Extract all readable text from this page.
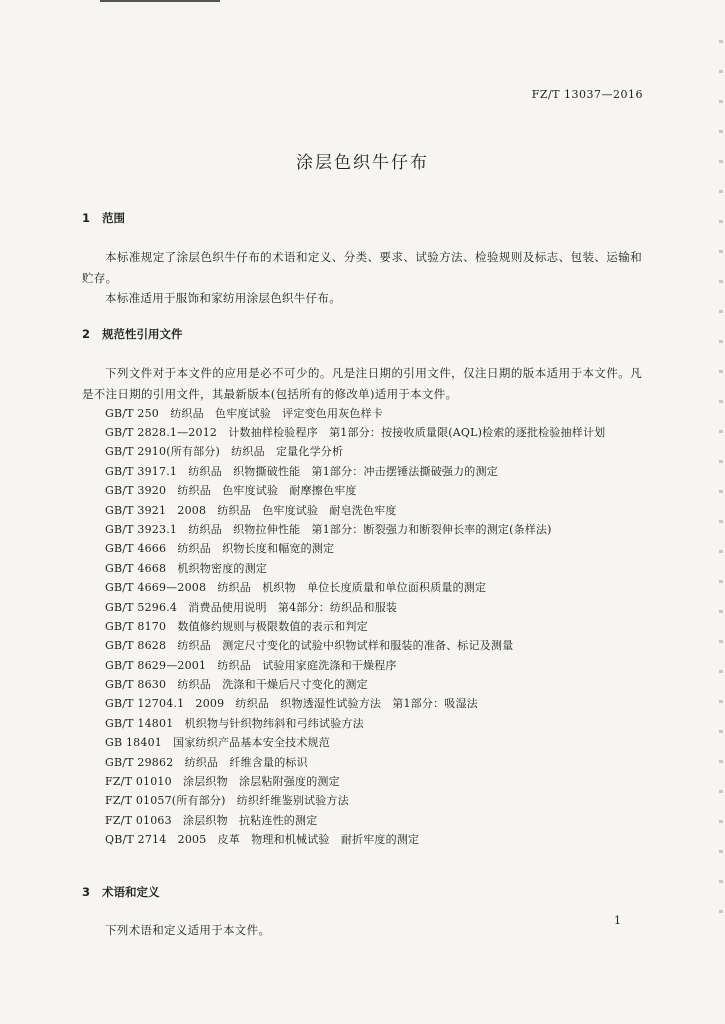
FZ/T 13037—2016
涂层色织牛仔布
1 范围
本标准规定了涂层色织牛仔布的术语和定义、分类、要求、试验方法、检验规则及标志、包装、运输和贮存。
本标准适用于服饰和家纺用涂层色织牛仔布。
2 规范性引用文件
下列文件对于本文件的应用是必不可少的。凡是注日期的引用文件，仅注日期的版本适用于本文件。凡是不注日期的引用文件，其最新版本(包括所有的修改单)适用于本文件。
GB/T 250　纺织品　色牢度试验　评定变色用灰色样卡
GB/T 2828.1—2012　计数抽样检验程序　第1部分：按接收质量限(AQL)检索的逐批检验抽样计划
GB/T 2910(所有部分)　纺织品　定量化学分析
GB/T 3917.1　纺织品　织物撕破性能　第1部分：冲击摆锤法撕破强力的测定
GB/T 3920　纺织品　色牢度试验　耐摩擦色牢度
GB/T 3921　2008　纺织品　色牢度试验　耐皂洗色牢度
GB/T 3923.1　纺织品　织物拉伸性能　第1部分：断裂强力和断裂伸长率的测定(条样法)
GB/T 4666　纺织品　织物长度和幅宽的测定
GB/T 4668　机织物密度的测定
GB/T 4669—2008　纺织品　机织物　单位长度质量和单位面积质量的测定
GB/T 5296.4　消费品使用说明　第4部分：纺织品和服装
GB/T 8170　数值修约规则与极限数值的表示和判定
GB/T 8628　纺织品　测定尺寸变化的试验中织物试样和服装的准备、标记及测量
GB/T 8629—2001　纺织品　试验用家庭洗涤和干燥程序
GB/T 8630　纺织品　洗涤和干燥后尺寸变化的测定
GB/T 12704.1　2009　纺织品　织物透湿性试验方法　第1部分：吸湿法
GB/T 14801　机织物与针织物纬斜和弓纬试验方法
GB 18401　国家纺织产品基本安全技术规范
GB/T 29862　纺织品　纤维含量的标识
FZ/T 01010　涂层织物　涂层粘附强度的测定
FZ/T 01057(所有部分)　纺织纤维鉴别试验方法
FZ/T 01063　涂层织物　抗粘连性的测定
QB/T 2714　2005　皮革　物理和机械试验　耐折牢度的测定
3 术语和定义
下列术语和定义适用于本文件。
1
